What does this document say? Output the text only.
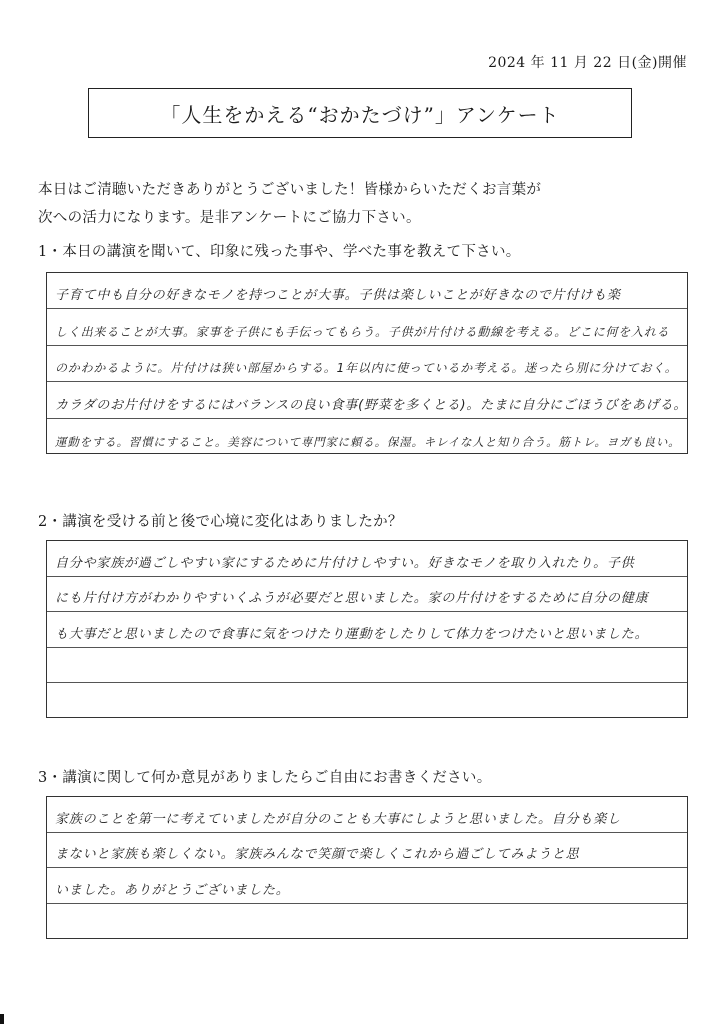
2024 年 11 月 22 日(金)開催
「人生をかえる“おかたづけ”」アンケート
本日はご清聴いただきありがとうございました！皆様からいただくお言葉が
次への活力になります。是非アンケートにご協力下さい。
1・本日の講演を聞いて、印象に残った事や、学べた事を教えて下さい。
子育て中も自分の好きなモノを持つことが大事。子供は楽しいことが好きなので片付けも楽
しく出来ることが大事。家事を子供にも手伝ってもらう。子供が片付ける動線を考える。どこに何を入れる
のかわかるように。片付けは狭い部屋からする。1年以内に使っているか考える。迷ったら別に分けておく。
カラダのお片付けをするにはバランスの良い食事(野菜を多くとる)。たまに自分にごほうびをあげる。
運動をする。習慣にすること。美容について専門家に頼る。保湿。キレイな人と知り合う。筋トレ。ヨガも良い。
2・講演を受ける前と後で心境に変化はありましたか？
自分や家族が過ごしやすい家にするために片付けしやすい。好きなモノを取り入れたり。子供
にも片付け方がわかりやすいくふうが必要だと思いました。家の片付けをするために自分の健康
も大事だと思いましたので食事に気をつけたり運動をしたりして体力をつけたいと思いました。
3・講演に関して何か意見がありましたらご自由にお書きください。
家族のことを第一に考えていましたが自分のことも大事にしようと思いました。自分も楽し
まないと家族も楽しくない。家族みんなで笑顔で楽しくこれから過ごしてみようと思
いました。ありがとうございました。
